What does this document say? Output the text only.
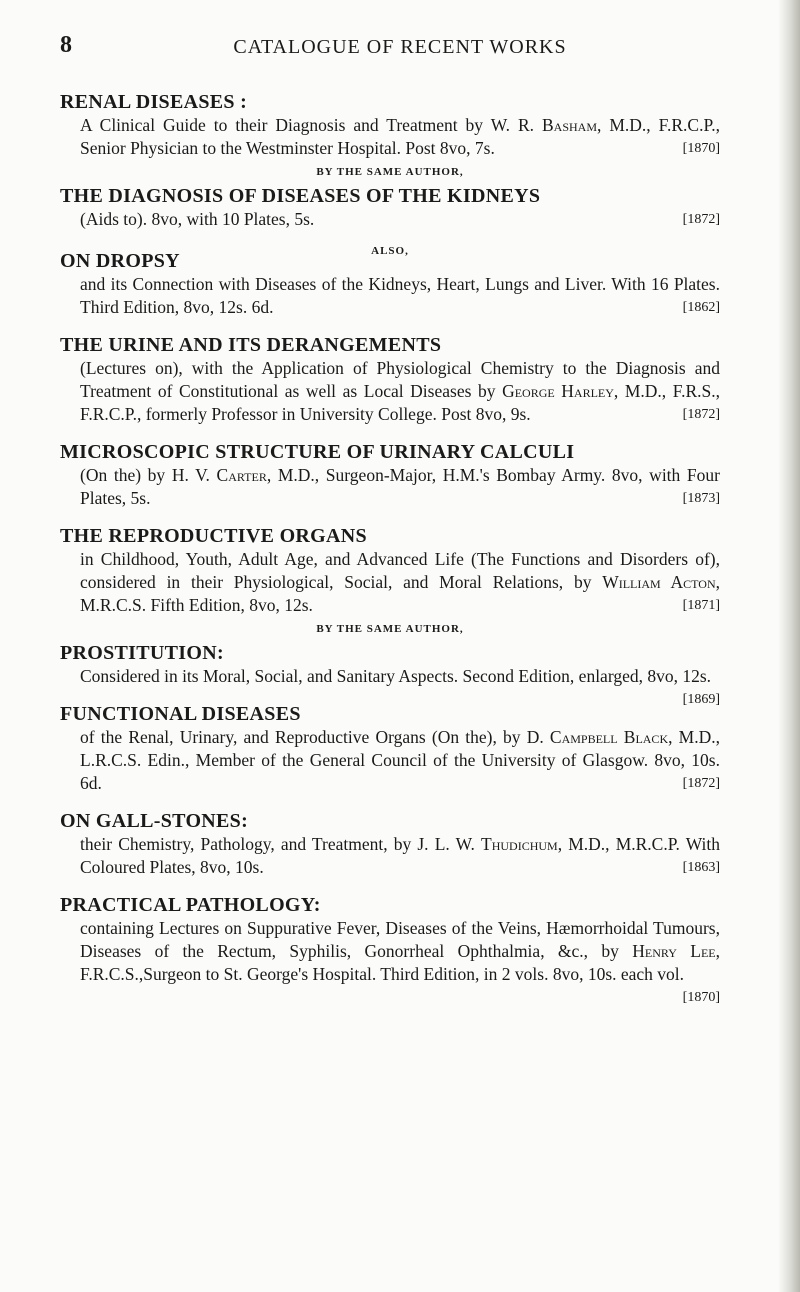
8	CATALOGUE OF RECENT WORKS
RENAL DISEASES :
A Clinical Guide to their Diagnosis and Treatment by W. R. Basham, M.D., F.R.C.P., Senior Physician to the Westminster Hospital. Post 8vo, 7s.	[1870]
BY THE SAME AUTHOR,
THE DIAGNOSIS OF DISEASES OF THE KIDNEYS
(Aids to). 8vo, with 10 Plates, 5s.	[1872]
ALSO,
ON DROPSY
and its Connection with Diseases of the Kidneys, Heart, Lungs and Liver. With 16 Plates. Third Edition, 8vo, 12s. 6d.	[1862]
THE URINE AND ITS DERANGEMENTS
(Lectures on), with the Application of Physiological Chemistry to the Diagnosis and Treatment of Constitutional as well as Local Diseases by George Harley, M.D., F.R.S., F.R.C.P., formerly Professor in University College. Post 8vo, 9s.	[1872]
MICROSCOPIC STRUCTURE OF URINARY CALCULI
(On the) by H. V. Carter, M.D., Surgeon-Major, H.M.'s Bombay Army. 8vo, with Four Plates, 5s.	[1873]
THE REPRODUCTIVE ORGANS
in Childhood, Youth, Adult Age, and Advanced Life (The Functions and Disorders of), considered in their Physiological, Social, and Moral Relations, by William Acton, M.R.C.S. Fifth Edition, 8vo, 12s.	[1871]
BY THE SAME AUTHOR,
PROSTITUTION:
Considered in its Moral, Social, and Sanitary Aspects. Second Edition, enlarged, 8vo, 12s.
[1869]
FUNCTIONAL DISEASES
of the Renal, Urinary, and Reproductive Organs (On the), by D. Campbell Black, M.D., L.R.C.S. Edin., Member of the General Council of the University of Glasgow. 8vo, 10s. 6d.	[1872]
ON GALL-STONES:
their Chemistry, Pathology, and Treatment, by J. L. W. Thudichum, M.D., M.R.C.P. With Coloured Plates, 8vo, 10s.	[1863]
PRACTICAL PATHOLOGY:
containing Lectures on Suppurative Fever, Diseases of the Veins, Hæmorrhoidal Tumours, Diseases of the Rectum, Syphilis, Gonorrheal Ophthalmia, &c., by Henry Lee, F.R.C.S.,Surgeon to St. George's Hospital. Third Edition, in 2 vols. 8vo, 10s. each vol.
[1870]
